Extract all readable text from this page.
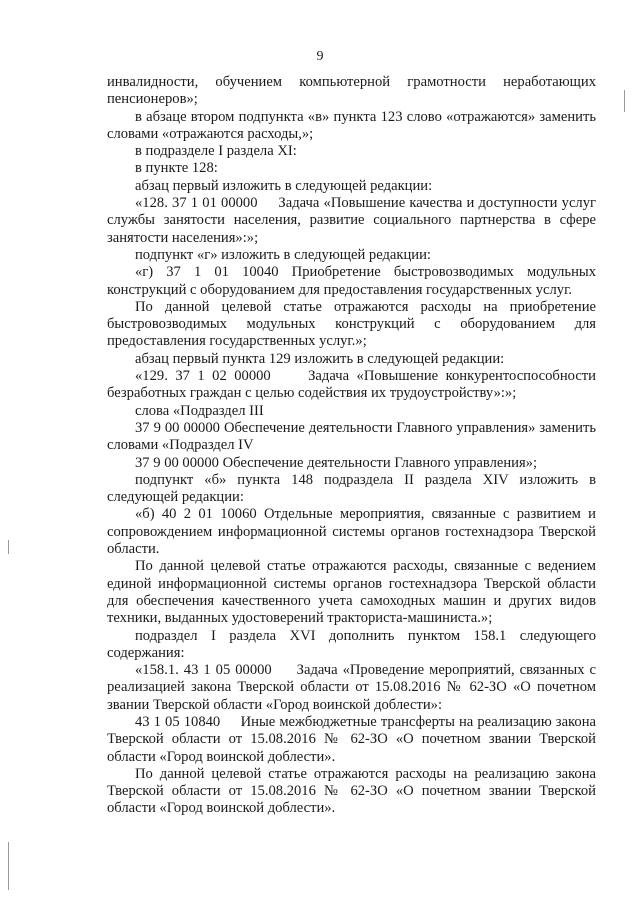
9

инвалидности, обучением компьютерной грамотности неработающих пенсионеров»;

в абзаце втором подпункта «в» пункта 123 слово «отражаются» заменить словами «отражаются расходы,»;

в подразделе I раздела XI:

в пункте 128:

абзац первый изложить в следующей редакции:

«128. 37 1 01 00000     Задача «Повышение качества и доступности услуг службы занятости населения, развитие социального партнерства в сфере занятости населения»:»;

подпункт «г» изложить в следующей редакции:

«г) 37 1 01 10040 Приобретение быстровозводимых модульных конструкций с оборудованием для предоставления государственных услуг.

По данной целевой статье отражаются расходы на приобретение быстровозводимых модульных конструкций с оборудованием для предоставления государственных услуг.»;

абзац первый пункта 129 изложить в следующей редакции:

«129. 37 1 02 00000     Задача «Повышение конкурентоспособности безработных граждан с целью содействия их трудоустройству»:»;

слова «Подраздел III

37 9 00 00000 Обеспечение деятельности Главного управления» заменить словами «Подраздел IV

37 9 00 00000 Обеспечение деятельности Главного управления»;

подпункт «б» пункта 148 подраздела II раздела XIV изложить в следующей редакции:

«б) 40 2 01 10060 Отдельные мероприятия, связанные с развитием и сопровождением информационной системы органов гостехнадзора Тверской области.

По данной целевой статье отражаются расходы, связанные с ведением единой информационной системы органов гостехнадзора Тверской области для обеспечения качественного учета самоходных машин и других видов техники, выданных удостоверений тракториста-машиниста.»;

подраздел I раздела XVI дополнить пунктом 158.1 следующего содержания:

«158.1. 43 1 05 00000     Задача «Проведение мероприятий, связанных с реализацией закона Тверской области от 15.08.2016 № 62-ЗО «О почетном звании Тверской области «Город воинской доблести»:

43 1 05 10840     Иные межбюджетные трансферты на реализацию закона Тверской области от 15.08.2016 № 62-ЗО «О почетном звании Тверской области «Город воинской доблести».

По данной целевой статье отражаются расходы на реализацию закона Тверской области от 15.08.2016 № 62-ЗО «О почетном звании Тверской области «Город воинской доблести».
